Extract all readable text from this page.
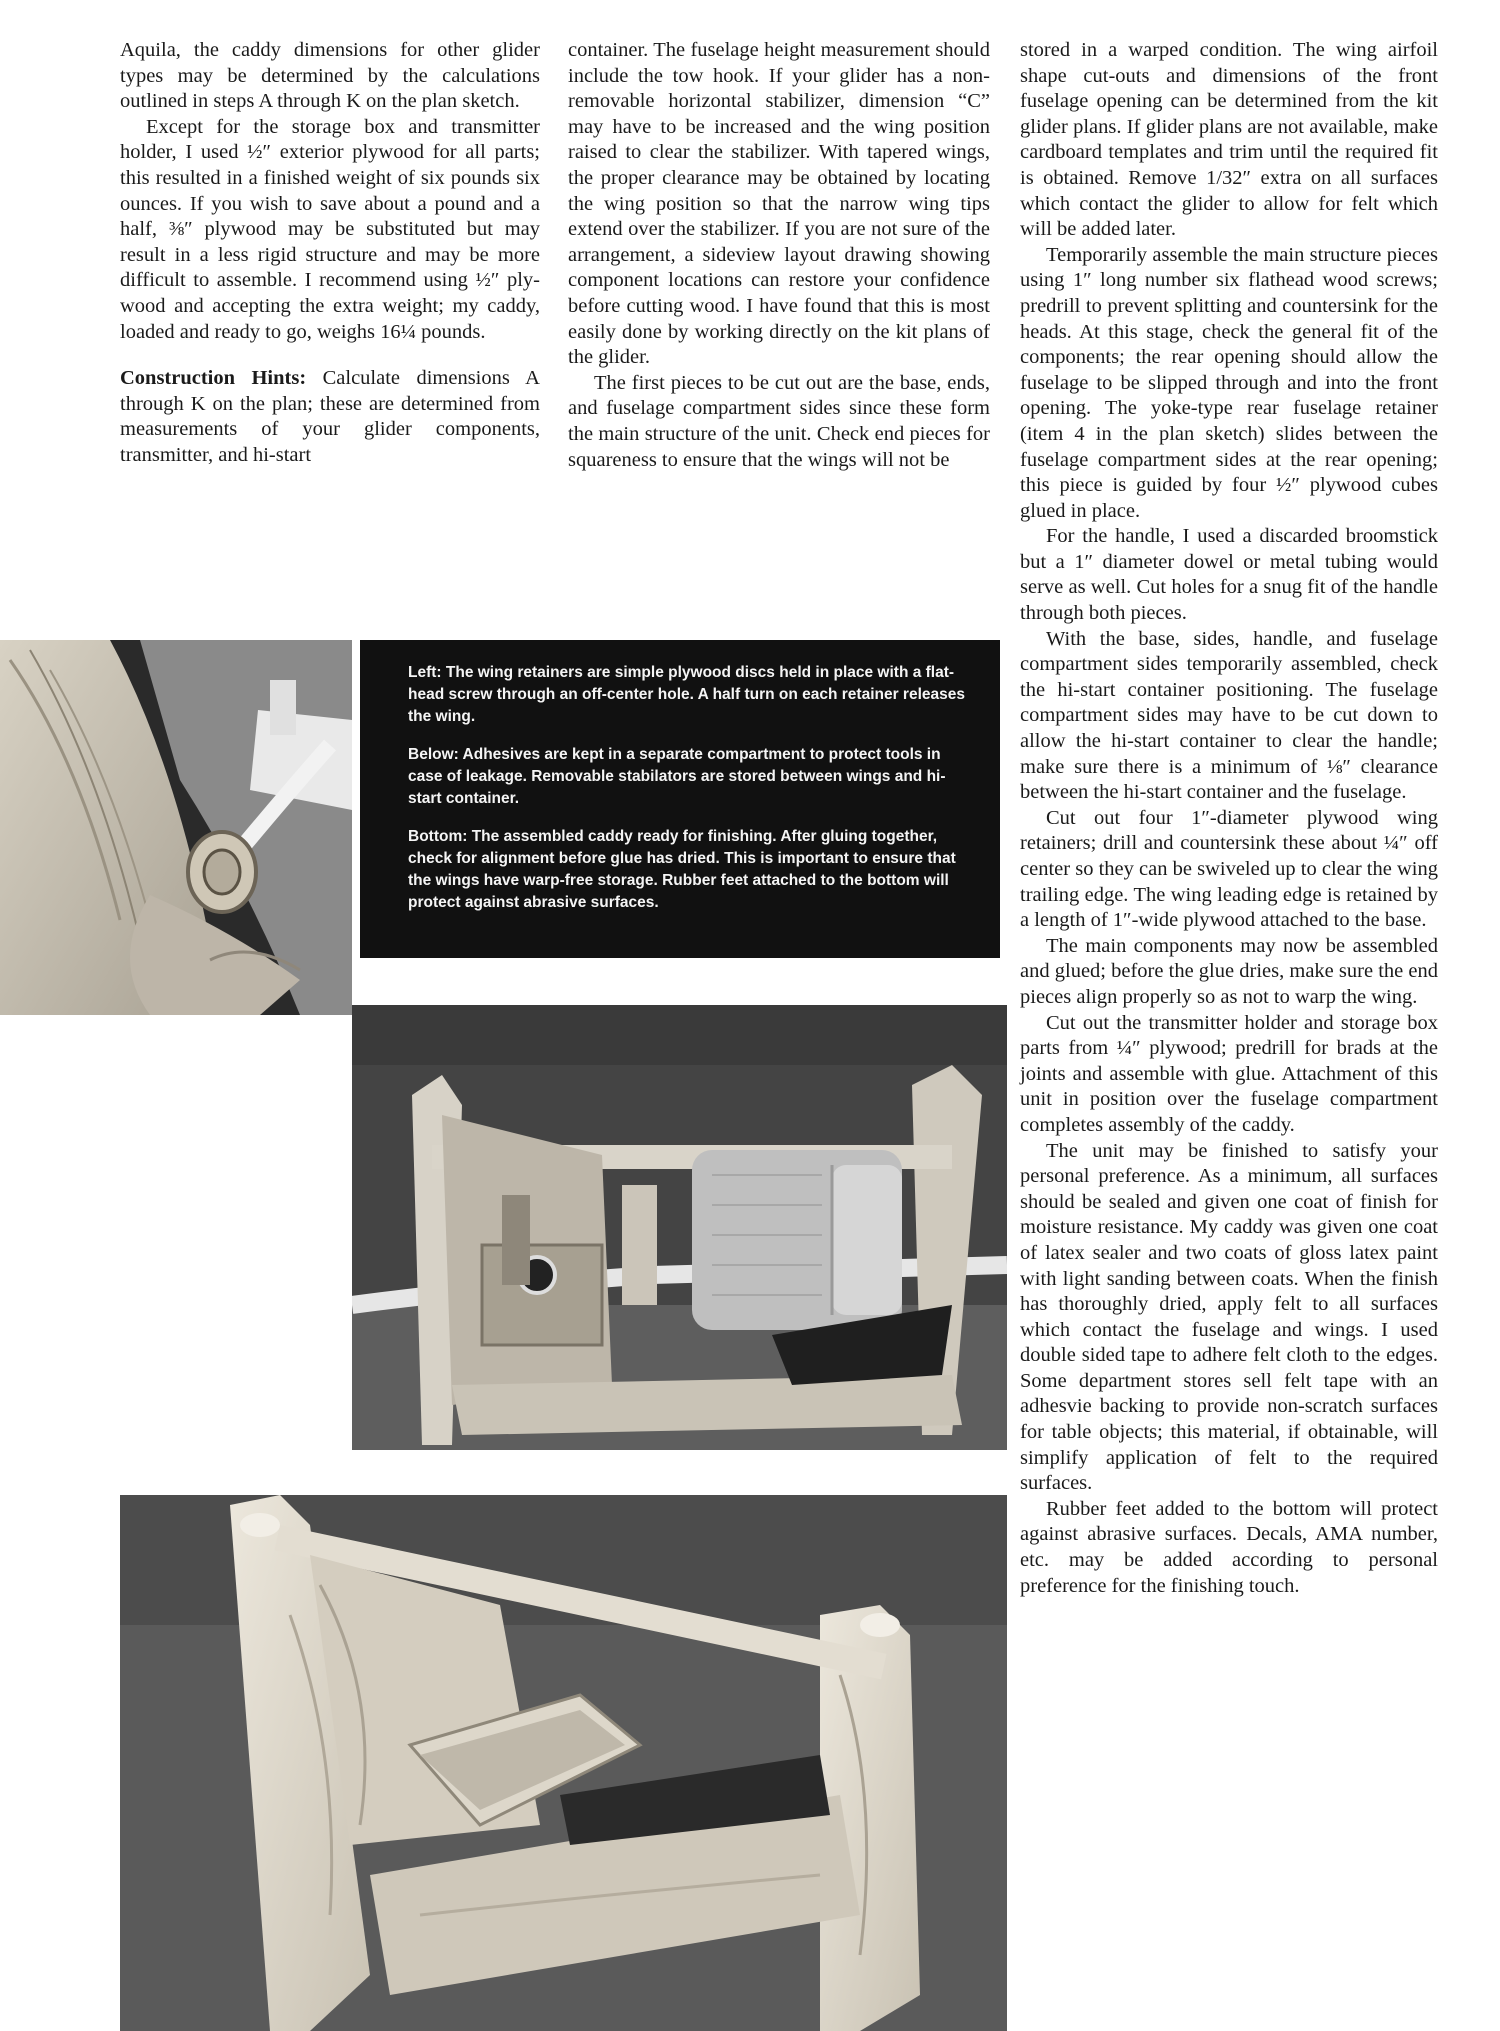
Aquila, the caddy dimensions for other glider types may be determined by the calculations outlined in steps A through K on the plan sketch.

Except for the storage box and transmitter holder, I used ½″ exterior plywood for all parts; this resulted in a finished weight of six pounds six ounces. If you wish to save about a pound and a half, ⅜″ plywood may be substituted but may result in a less rigid structure and may be more difficult to assemble. I recommend using ½″ plywood and accepting the extra weight; my caddy, loaded and ready to go, weighs 16¼ pounds.

Construction Hints: Calculate dimensions A through K on the plan; these are determined from measurements of your glider components, transmitter, and hi-start

container. The fuselage height measurement should include the tow hook. If your glider has a non-removable horizontal stabilizer, dimension “C” may have to be increased and the wing position raised to clear the stabilizer. With tapered wings, the proper clearance may be obtained by locating the wing position so that the narrow wing tips extend over the stabilizer. If you are not sure of the arrangement, a sideview layout drawing showing component locations can restore your confidence before cutting wood. I have found that this is most easily done by working directly on the kit plans of the glider.

The first pieces to be cut out are the base, ends, and fuselage compartment sides since these form the main structure of the unit. Check end pieces for squareness to ensure that the wings will not be

stored in a warped condition. The wing airfoil shape cut-outs and dimensions of the front fuselage opening can be determined from the kit glider plans. If glider plans are not available, make cardboard templates and trim until the required fit is obtained. Remove 1/32″ extra on all surfaces which contact the glider to allow for felt which will be added later.

Temporarily assemble the main structure pieces using 1″ long number six flathead wood screws; predrill to prevent splitting and countersink for the heads. At this stage, check the general fit of the components; the rear opening should allow the fuselage to be slipped through and into the front opening. The yoke-type rear fuselage retainer (item 4 in the plan sketch) slides between the fuselage compartment sides at the rear opening; this piece is guided by four ½″ plywood cubes glued in place.

For the handle, I used a discarded broomstick but a 1″ diameter dowel or metal tubing would serve as well. Cut holes for a snug fit of the handle through both pieces.

With the base, sides, handle, and fuselage compartment sides temporarily assembled, check the hi-start container positioning. The fuselage compartment sides may have to be cut down to allow the hi-start container to clear the handle; make sure there is a minimum of ⅛″ clearance between the hi-start container and the fuselage.

Cut out four 1″-diameter plywood wing retainers; drill and countersink these about ¼″ off center so they can be swiveled up to clear the wing trailing edge. The wing leading edge is retained by a length of 1″-wide plywood attached to the base.

The main components may now be assembled and glued; before the glue dries, make sure the end pieces align properly so as not to warp the wing.

Cut out the transmitter holder and storage box parts from ¼″ plywood; predrill for brads at the joints and assemble with glue. Attachment of this unit in position over the fuselage compartment completes assembly of the caddy.

The unit may be finished to satisfy your personal preference. As a minimum, all surfaces should be sealed and given one coat of finish for moisture resistance. My caddy was given one coat of latex sealer and two coats of gloss latex paint with light sanding between coats. When the finish has thoroughly dried, apply felt to all surfaces which contact the fuselage and wings. I used double sided tape to adhere felt cloth to the edges. Some department stores sell felt tape with an adhesvie backing to provide non-scratch surfaces for table objects; this material, if obtainable, will simplify application of felt to the required surfaces.

Rubber feet added to the bottom will protect against abrasive surfaces. Decals, AMA number, etc. may be added according to personal preference for the finishing touch.

Left: The wing retainers are simple plywood discs held in place with a flat-head screw through an off-center hole. A half turn on each retainer releases the wing.

Below: Adhesives are kept in a separate compartment to protect tools in case of leakage. Removable stabilators are stored between wings and hi-start container.

Bottom: The assembled caddy ready for finishing. After gluing together, check for alignment before glue has dried. This is important to ensure that the wings have warp-free storage. Rubber feet attached to the bottom will protect against abrasive surfaces.
